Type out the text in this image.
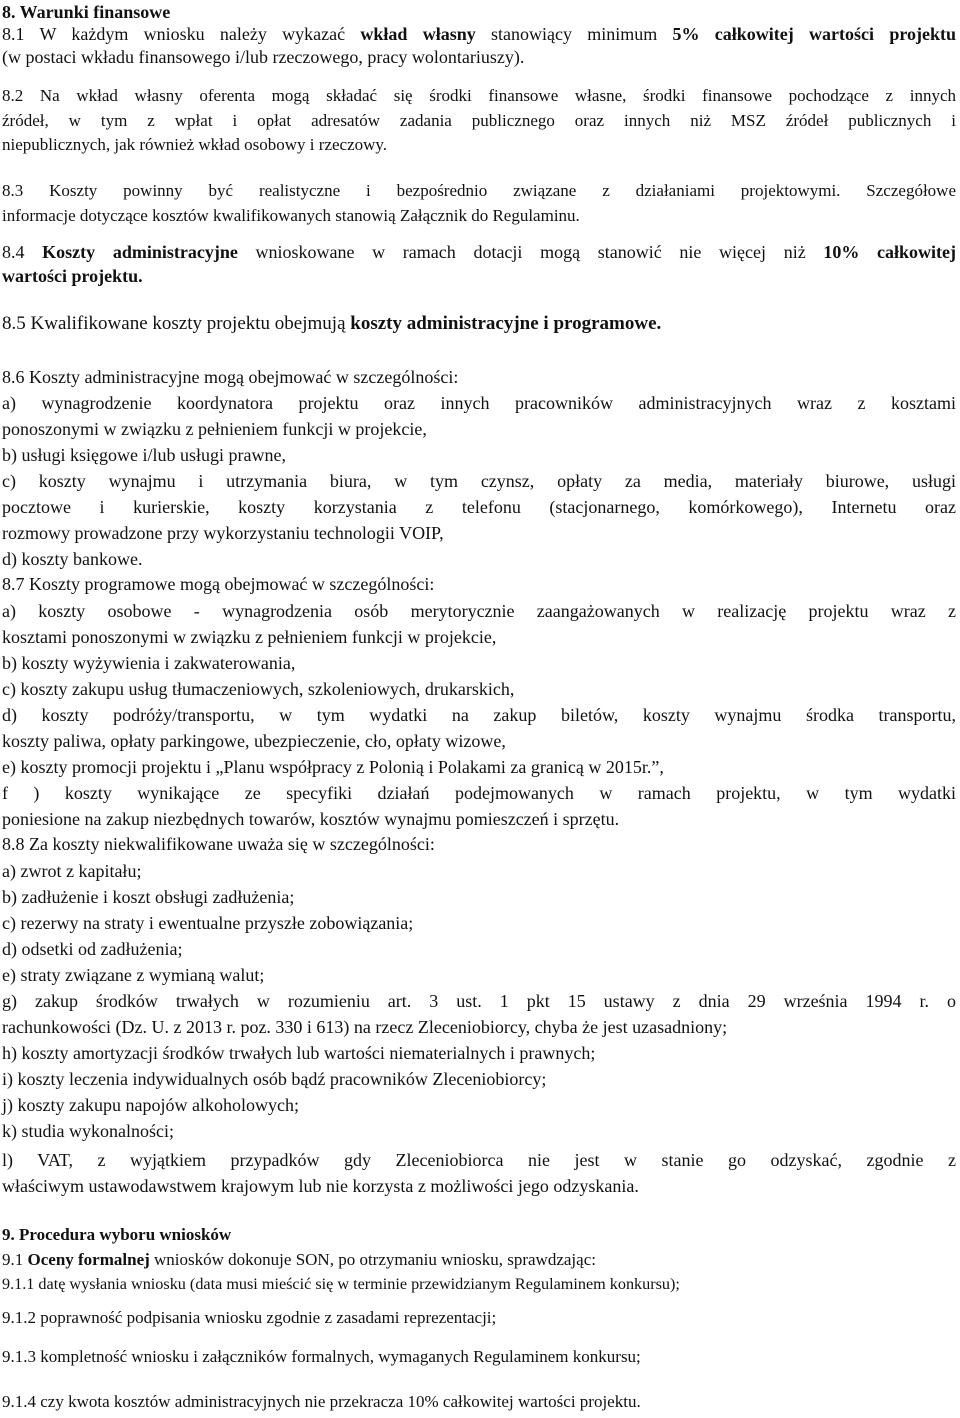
8. Warunki finansowe
8.1 W każdym wniosku należy wykazać wkład własny stanowiący minimum 5% całkowitej wartości projektu
(w postaci wkładu finansowego i/lub rzeczowego, pracy wolontariuszy).
8.2 Na wkład własny oferenta mogą składać się środki finansowe własne, środki finansowe pochodzące z innych
źródeł, w tym z wpłat i opłat adresatów zadania publicznego oraz innych niż MSZ źródeł publicznych i
niepublicznych, jak również wkład osobowy i rzeczowy.
8.3 Koszty powinny być realistyczne i bezpośrednio związane z działaniami projektowymi. Szczegółowe
informacje dotyczące kosztów kwalifikowanych stanowią Załącznik do Regulaminu.
8.4 Koszty administracyjne wnioskowane w ramach dotacji mogą stanowić nie więcej niż 10% całkowitej
wartości projektu.
8.5 Kwalifikowane koszty projektu obejmują koszty administracyjne i programowe.
8.6 Koszty administracyjne mogą obejmować w szczególności:
a) wynagrodzenie koordynatora projektu oraz innych pracowników administracyjnych wraz z kosztami
ponoszonymi w związku z pełnieniem funkcji w projekcie,
b) usługi księgowe i/lub usługi prawne,
c) koszty wynajmu i utrzymania biura, w tym czynsz, opłaty za media, materiały biurowe, usługi
pocztowe i kurierskie, koszty korzystania z telefonu (stacjonarnego, komórkowego), Internetu oraz
rozmowy prowadzone przy wykorzystaniu technologii VOIP,
d) koszty bankowe.
8.7 Koszty programowe mogą obejmować w szczególności:
a) koszty osobowe - wynagrodzenia osób merytorycznie zaangażowanych w realizację projektu wraz z
kosztami ponoszonymi w związku z pełnieniem funkcji w projekcie,
b) koszty wyżywienia i zakwaterowania,
c) koszty zakupu usług tłumaczeniowych, szkoleniowych, drukarskich,
d) koszty podróży/transportu, w tym wydatki na zakup biletów, koszty wynajmu środka transportu,
koszty paliwa, opłaty parkingowe, ubezpieczenie, cło, opłaty wizowe,
e) koszty promocji projektu i „Planu współpracy z Polonią i Polakami za granicą w 2015r.”,
f ) koszty wynikające ze specyfiki działań podejmowanych w ramach projektu, w tym wydatki
poniesione na zakup niezbędnych towarów, kosztów wynajmu pomieszczeń i sprzętu.
8.8 Za koszty niekwalifikowane uważa się w szczególności:
a) zwrot z kapitału;
b) zadłużenie i koszt obsługi zadłużenia;
c) rezerwy na straty i ewentualne przyszłe zobowiązania;
d) odsetki od zadłużenia;
e) straty związane z wymianą walut;
g) zakup środków trwałych w rozumieniu art. 3 ust. 1 pkt 15 ustawy z dnia 29 września 1994 r. o
rachunkowości (Dz. U. z 2013 r. poz. 330 i 613) na rzecz Zleceniobiorcy, chyba że jest uzasadniony;
h) koszty amortyzacji środków trwałych lub wartości niematerialnych i prawnych;
i) koszty leczenia indywidualnych osób bądź pracowników Zleceniobiorcy;
j) koszty zakupu napojów alkoholowych;
k) studia wykonalności;
l) VAT, z wyjątkiem przypadków gdy Zleceniobiorca nie jest w stanie go odzyskać, zgodnie z
właściwym ustawodawstwem krajowym lub nie korzysta z możliwości jego odzyskania.
9. Procedura wyboru wniosków
9.1 Oceny formalnej wniosków dokonuje SON, po otrzymaniu wniosku, sprawdzając:
9.1.1 datę wysłania wniosku (data musi mieścić się w terminie przewidzianym Regulaminem konkursu);
9.1.2 poprawność podpisania wniosku zgodnie z zasadami reprezentacji;
9.1.3 kompletność wniosku i załączników formalnych, wymaganych Regulaminem konkursu;
9.1.4 czy kwota kosztów administracyjnych nie przekracza 10% całkowitej wartości projektu.
